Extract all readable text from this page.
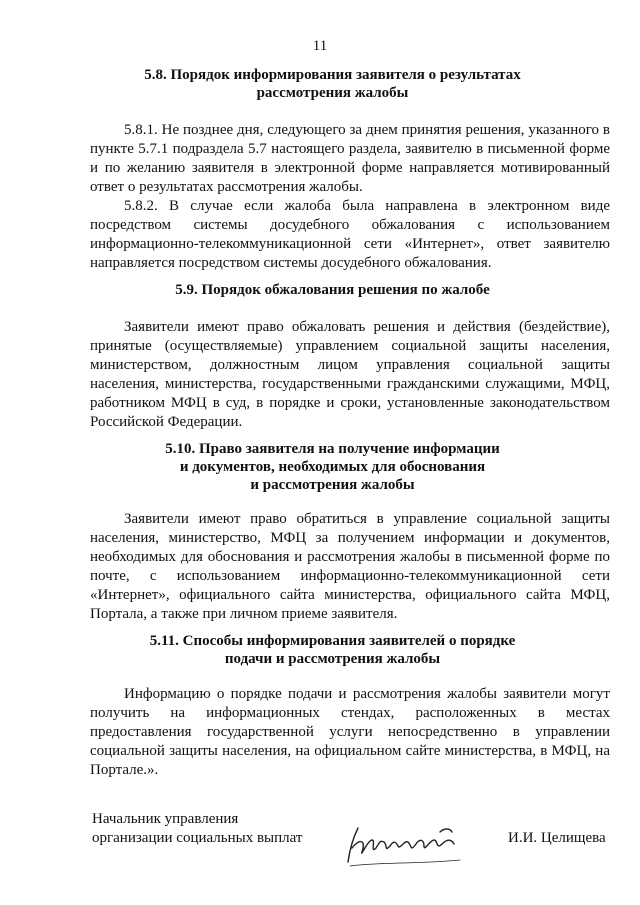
11
5.8. Порядок информирования заявителя о результатах
рассмотрения жалобы
5.8.1. Не позднее дня, следующего за днем принятия решения, указанного в пункте 5.7.1 подраздела 5.7 настоящего раздела, заявителю в письменной форме и по желанию заявителя в электронной форме направляется мотивированный ответ о результатах рассмотрения жалобы.
5.8.2. В случае если жалоба была направлена в электронном виде посредством системы досудебного обжалования с использованием информационно-телекоммуникационной сети «Интернет», ответ заявителю направляется посредством системы досудебного обжалования.
5.9. Порядок обжалования решения по жалобе
Заявители имеют право обжаловать решения и действия (бездействие), принятые (осуществляемые) управлением социальной защиты населения, министерством, должностным лицом управления социальной защиты населения, министерства, государственными гражданскими служащими, МФЦ, работником МФЦ в суд, в порядке и сроки, установленные законодательством Российской Федерации.
5.10. Право заявителя на получение информации
и документов, необходимых для обоснования
и рассмотрения жалобы
Заявители имеют право обратиться в управление социальной защиты населения, министерство, МФЦ за получением информации и документов, необходимых для обоснования и рассмотрения жалобы в письменной форме по почте, с использованием информационно-телекоммуникационной сети «Интернет», официального сайта министерства, официального сайта МФЦ, Портала, а также при личном приеме заявителя.
5.11. Способы информирования заявителей о порядке
подачи и рассмотрения жалобы
Информацию о порядке подачи и рассмотрения жалобы заявители могут получить на информационных стендах, расположенных в местах предоставления государственной услуги непосредственно в управлении социальной защиты населения, на официальном сайте министерства, в МФЦ, на Портале.».
Начальник управления
организации социальных выплат	И.И. Целищева
